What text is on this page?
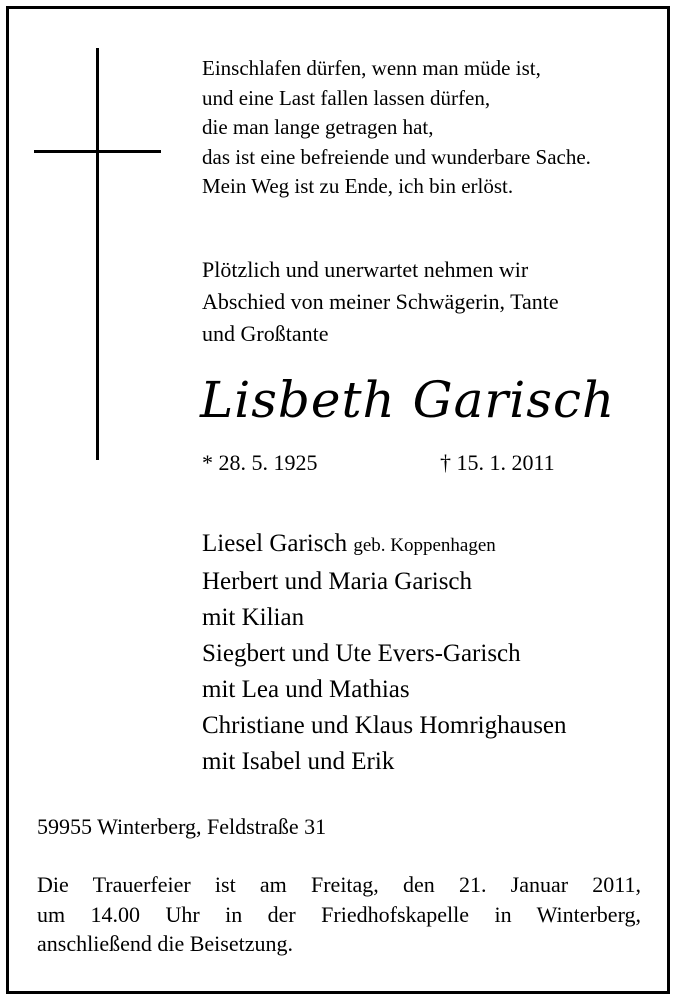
Einschlafen dürfen, wenn man müde ist,
und eine Last fallen lassen dürfen,
die man lange getragen hat,
das ist eine befreiende und wunderbare Sache.
Mein Weg ist zu Ende, ich bin erlöst.
Plötzlich und unerwartet nehmen wir
Abschied von meiner Schwägerin, Tante
und Großtante
Lisbeth Garisch
* 28. 5. 1925	† 15. 1. 2011
Liesel Garisch geb. Koppenhagen
Herbert und Maria Garisch
mit Kilian
Siegbert und Ute Evers-Garisch
mit Lea und Mathias
Christiane und Klaus Homrighausen
mit Isabel und Erik
59955 Winterberg, Feldstraße 31
Die Trauerfeier ist am Freitag, den 21. Januar 2011,
um 14.00 Uhr in der Friedhofskapelle in Winterberg,
anschließend die Beisetzung.
